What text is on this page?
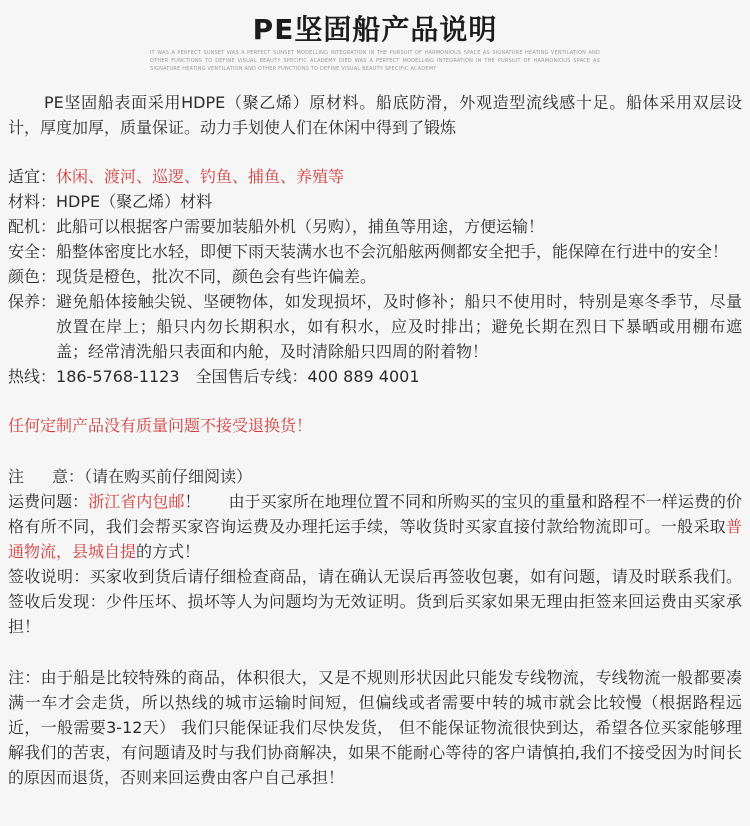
PE坚固船产品说明
IT WAS A PERFECT SUNSET WAS A PERFECT SUNSET MODELLING INTEGRATION IN THE PURSUIT OF HARMONIOUS SPACE AS SIGNATURE HEATING VENTILATION AND OTHER FUNCTIONS TO DEFINE VISUAL BEAUTY SPECIFIC ACADEMY DIED WAS A PERFECT MODELLING INTEGRATION IN THE PURSUIT OF HARMONIOUS SPACE AS SIGNATURE HEATING VENTILATION AND OTHER FUNCTIONS TO DEFINE VISUAL BEAUTY SPECIFIC ACADEMY

PE坚固船表面采用HDPE（聚乙烯）原材料。船底防滑，外观造型流线感十足。船体采用双层设计，厚度加厚，质量保证。动力手划使人们在休闲中得到了锻炼

适宜： 休闲、渡河、巡逻、钓鱼、捕鱼、养殖等
材料： HDPE（聚乙烯）材料
配机： 此船可以根据客户需要加装船外机（另购），捕鱼等用途，方便运输！
安全： 船整体密度比水轻，即便下雨天装满水也不会沉船舷两侧都安全把手，能保障在行进中的安全！
颜色： 现货是橙色，批次不同，颜色会有些许偏差。
保养： 避免船体接触尖锐、坚硬物体，如发现损坏，及时修补；船只不使用时，特别是寒冬季节，尽量放置在岸上；船只内勿长期积水，如有积水，应及时排出；避免长期在烈日下暴晒或用棚布遮盖；经常清洗船只表面和内舱，及时清除船只四周的附着物！
热线： 186-5768-1123　全国售后专线：400 889 4001

任何定制产品没有质量问题不接受退换货！

注 意：（请在购买前仔细阅读）

运费问题：浙江省内包邮！ 由于买家所在地理位置不同和所购买的宝贝的重量和路程不一样运费的价格有所不同，我们会帮买家咨询运费及办理托运手续，等收货时买家直接付款给物流即可。一般采取普通物流，县城自提的方式！

签收说明：买家收到货后请仔细检查商品，请在确认无误后再签收包裹，如有问题，请及时联系我们。签收后发现：少件压坏、损坏等人为问题均为无效证明。货到后买家如果无理由拒签来回运费由买家承担！

注：由于船是比较特殊的商品，体积很大，又是不规则形状因此只能发专线物流，专线物流一般都要凑满一车才会走货，所以热线的城市运输时间短，但偏线或者需要中转的城市就会比较慢（根据路程远近，一般需要3-12天） 我们只能保证我们尽快发货， 但不能保证物流很快到达，希望各位买家能够理解我们的苦衷，有问题请及时与我们协商解决，如果不能耐心等待的客户请慎拍,我们不接受因为时间长的原因而退货，否则来回运费由客户自己承担！
